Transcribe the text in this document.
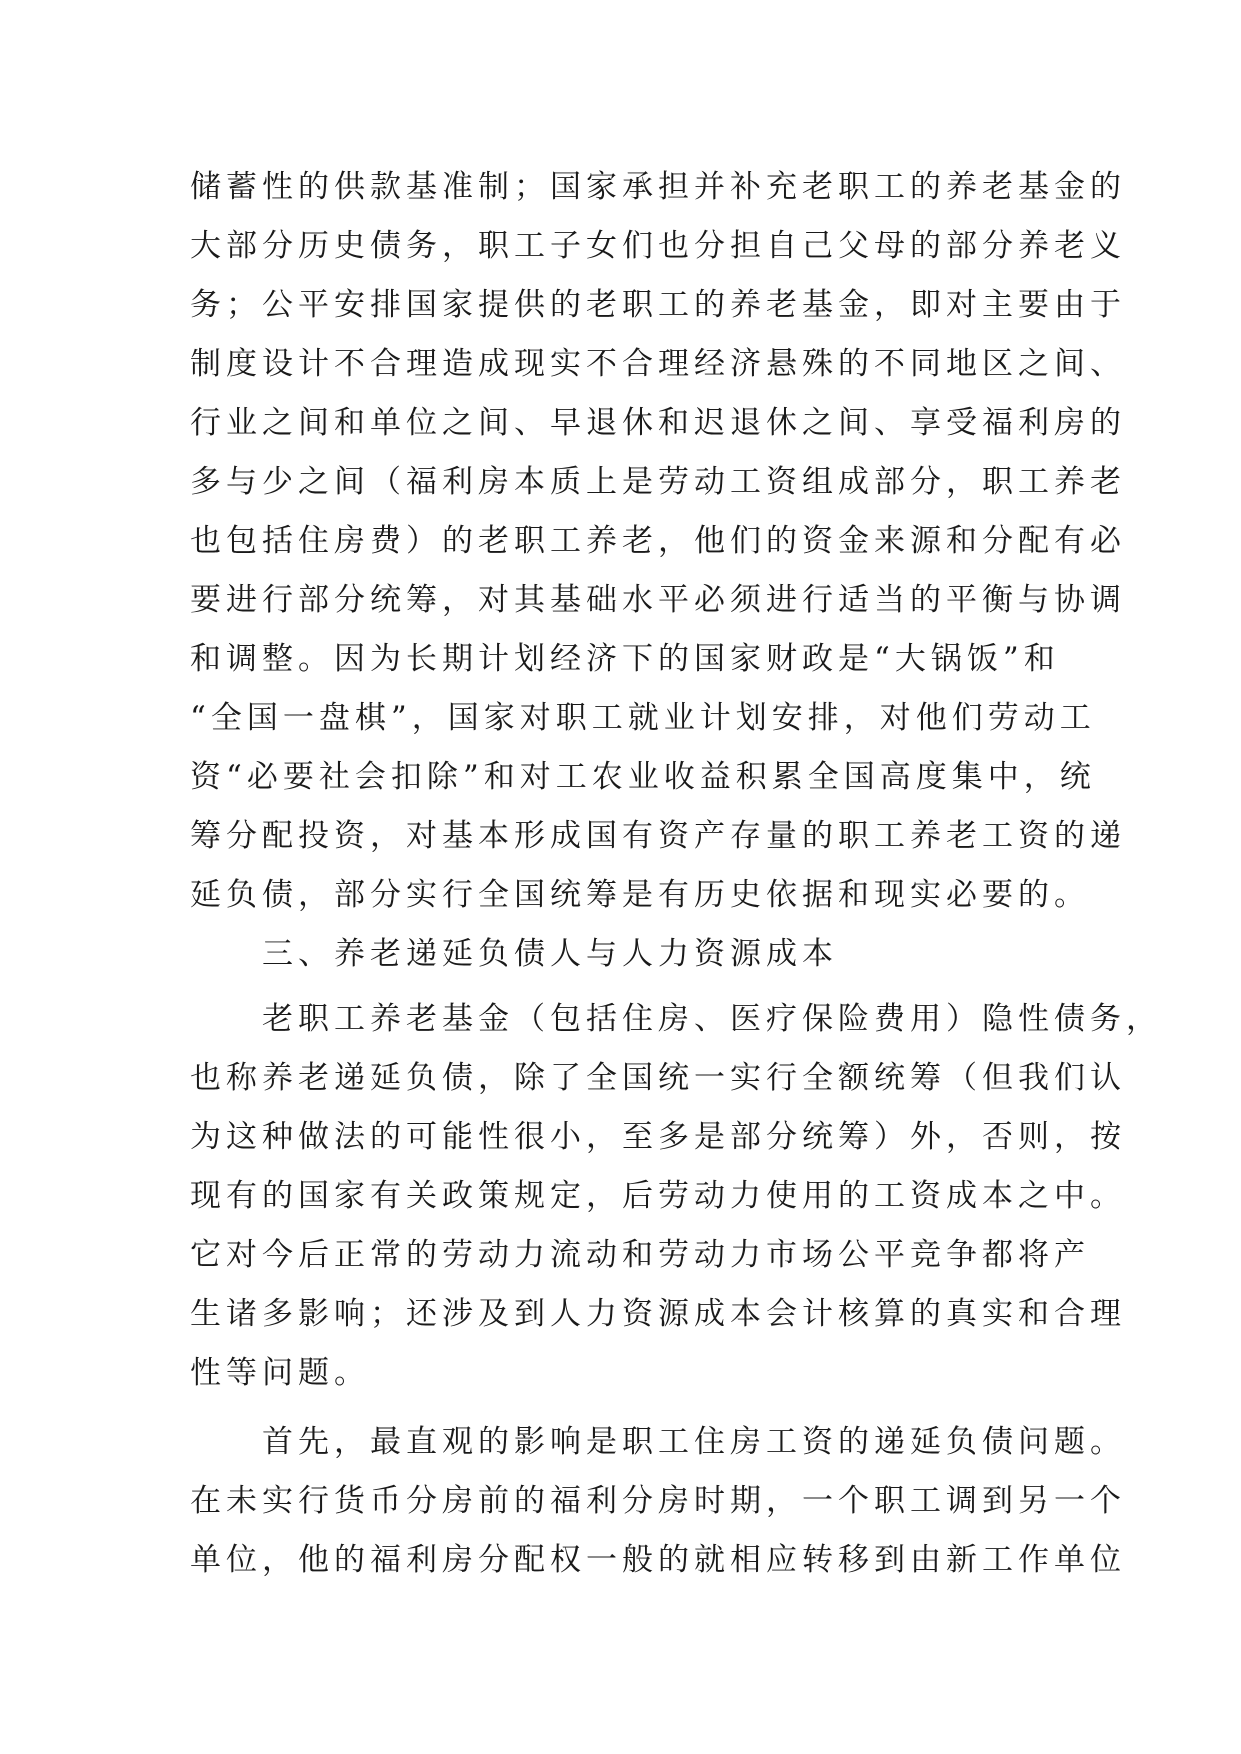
储蓄性的供款基准制；国家承担并补充老职工的养老基金的
大部分历史债务，职工子女们也分担自己父母的部分养老义
务；公平安排国家提供的老职工的养老基金，即对主要由于
制度设计不合理造成现实不合理经济悬殊的不同地区之间、
行业之间和单位之间、早退休和迟退休之间、享受福利房的
多与少之间（福利房本质上是劳动工资组成部分，职工养老
也包括住房费）的老职工养老，他们的资金来源和分配有必
要进行部分统筹，对其基础水平必须进行适当的平衡与协调
和调整。因为长期计划经济下的国家财政是“大锅饭”和
“全国一盘棋”，国家对职工就业计划安排，对他们劳动工
资“必要社会扣除”和对工农业收益积累全国高度集中，统
筹分配投资，对基本形成国有资产存量的职工养老工资的递
延负债，部分实行全国统筹是有历史依据和现实必要的。
三、养老递延负债人与人力资源成本
老职工养老基金（包括住房、医疗保险费用）隐性债务，
也称养老递延负债，除了全国统一实行全额统筹（但我们认
为这种做法的可能性很小，至多是部分统筹）外，否则，按
现有的国家有关政策规定，后劳动力使用的工资成本之中。
它对今后正常的劳动力流动和劳动力市场公平竞争都将产
生诸多影响；还涉及到人力资源成本会计核算的真实和合理
性等问题。
首先，最直观的影响是职工住房工资的递延负债问题。
在未实行货币分房前的福利分房时期，一个职工调到另一个
单位，他的福利房分配权一般的就相应转移到由新工作单位
